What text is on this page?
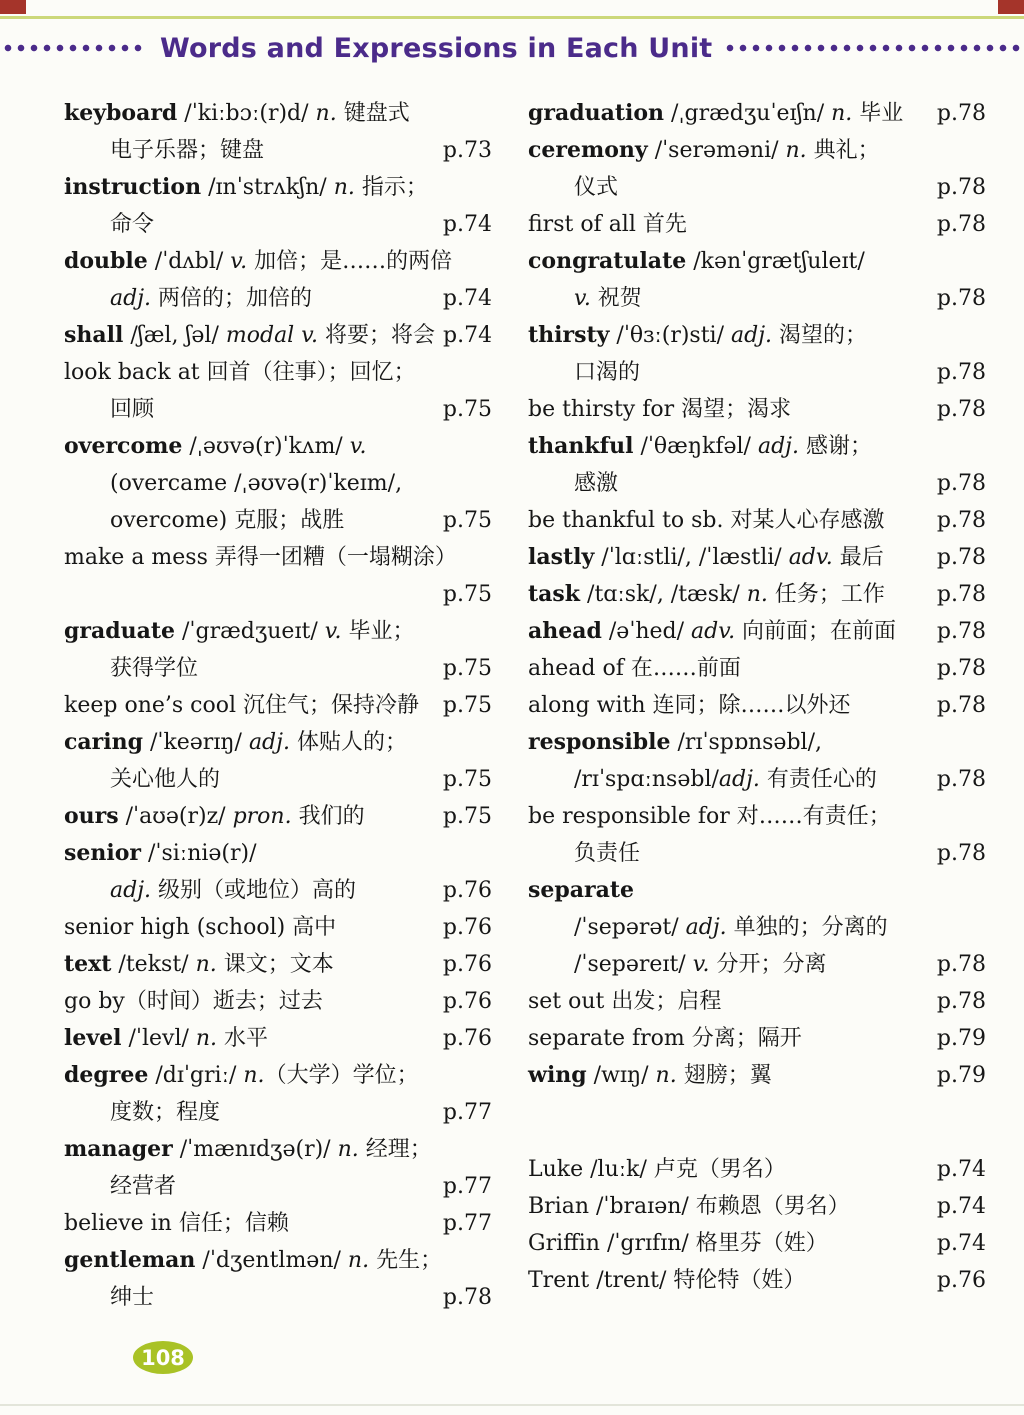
Words and Expressions in Each Unit
keyboard /ˈkiːbɔː(r)d/ n. 键盘式
电子乐器；键盘	p.73
instruction /ɪnˈstrʌkʃn/ n. 指示；
命令	p.74
double /ˈdʌbl/ v. 加倍；是……的两倍
adj. 两倍的；加倍的	p.74
shall /ʃæl, ʃəl/ modal v. 将要；将会 p.74
look back at 回首（往事）；回忆；
回顾	p.75
overcome /ˌəʊvə(r)ˈkʌm/ v.
(overcame /ˌəʊvə(r)ˈkeɪm/,
overcome) 克服；战胜	p.75
make a mess 弄得一团糟（一塌糊涂）
p.75
graduate /ˈgrædʒueɪt/ v. 毕业；
获得学位	p.75
keep one’s cool 沉住气；保持冷静 p.75
caring /ˈkeərɪŋ/ adj. 体贴人的；
关心他人的	p.75
ours /ˈaʊə(r)z/ pron. 我们的	p.75
senior /ˈsiːniə(r)/
adj. 级别（或地位）高的	p.76
senior high (school) 高中	p.76
text /tekst/ n. 课文；文本	p.76
go by（时间）逝去；过去	p.76
level /ˈlevl/ n. 水平	p.76
degree /dɪˈgriː/ n.（大学）学位；
度数；程度	p.77
manager /ˈmænɪdʒə(r)/ n. 经理；
经营者	p.77
believe in 信任；信赖	p.77
gentleman /ˈdʒentlmən/ n. 先生；
绅士	p.78
graduation /ˌgrædʒuˈeɪʃn/ n. 毕业 p.78
ceremony /ˈserəməni/ n. 典礼；
仪式	p.78
first of all 首先	p.78
congratulate /kənˈgrætʃuleɪt/
v. 祝贺	p.78
thirsty /ˈθɜː(r)sti/ adj. 渴望的；
口渴的	p.78
be thirsty for 渴望；渴求	p.78
thankful /ˈθæŋkfəl/ adj. 感谢；
感激	p.78
be thankful to sb. 对某人心存感激 p.78
lastly /ˈlɑːstli/, /ˈlæstli/ adv. 最后 p.78
task /tɑːsk/, /tæsk/ n. 任务；工作 p.78
ahead /əˈhed/ adv. 向前面；在前面 p.78
ahead of 在……前面	p.78
along with 连同；除……以外还	p.78
responsible /rɪˈspɒnsəbl/,
/rɪˈspɑːnsəbl/adj. 有责任心的	p.78
be responsible for 对……有责任；
负责任	p.78
separate
/ˈsepərət/ adj. 单独的；分离的
/ˈsepəreɪt/ v. 分开；分离	p.78
set out 出发；启程	p.78
separate from 分离；隔开	p.79
wing /wɪŋ/ n. 翅膀；翼	p.79
Luke /luːk/ 卢克（男名）	p.74
Brian /ˈbraɪən/ 布赖恩（男名）	p.74
Griffin /ˈgrɪfɪn/ 格里芬（姓）	p.74
Trent /trent/ 特伦特（姓）	p.76
108
